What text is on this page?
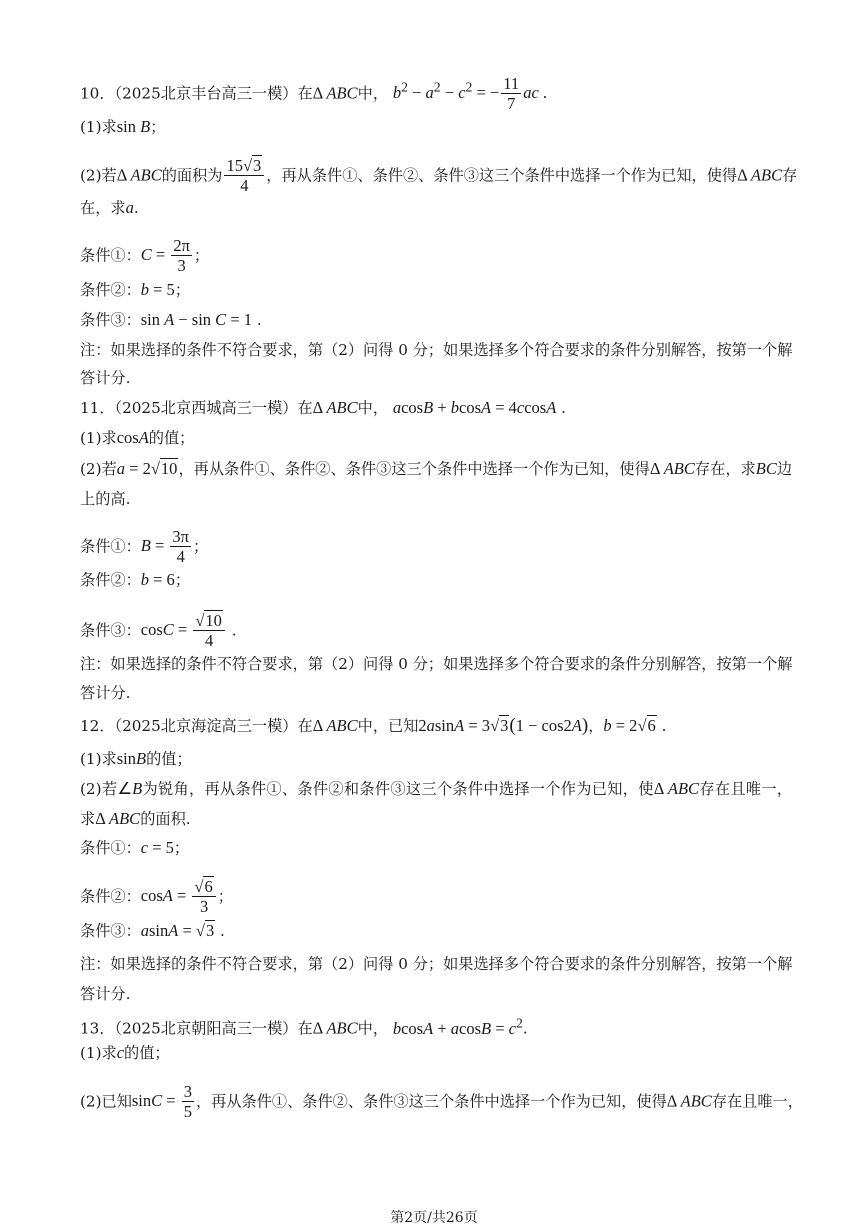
10．（2025北京丰台高三一模）在Δ ABC中， $b^2 - a^2 - c^2$ = − $\frac{11}{7}$ ac .
(1)求sin B；
(2)若Δ ABC的面积为 $\frac{15√3}{4}$ ，再从条件①、条件②、条件③这三个条件中选择一个作为已知，使得Δ ABC存
在，求a.
条件①：$C = \frac{2\pi}{3}$ ；
条件②：b = 5；
条件③：sin A − sin C = 1 .
注：如果选择的条件不符合要求，第（2）问得 0 分；如果选择多个符合要求的条件分别解答，按第一个解
答计分.
11．（2025北京西城高三一模）在Δ ABC中， acosB + bcosA = 4ccosA .
(1)求cosA的值；
(2)若a = 2√10，再从条件①、条件②、条件③这三个条件中选择一个作为已知，使得Δ ABC存在，求BC边
上的高.
条件①：$B = \frac{3\pi}{4}$ ；
条件②：b = 6；
条件③：$\cos C = \frac{√10}{4}$ .
注：如果选择的条件不符合要求，第（2）问得 0 分；如果选择多个符合要求的条件分别解答，按第一个解
答计分.
12．（2025北京海淀高三一模）在Δ ABC中，已知2asinA = 3√3(1 − cos2A)，b = 2√6 .
(1)求sinB的值；
(2)若∠B为锐角，再从条件①、条件②和条件③这三个条件中选择一个作为已知，使Δ ABC存在且唯一，
求Δ ABC的面积.
条件①：c = 5；
条件②：$\cos A = \frac{√6}{3}$ ；
条件③：asinA = √3 .
注：如果选择的条件不符合要求，第（2）问得 0 分；如果选择多个符合要求的条件分别解答，按第一个解
答计分.
13．（2025北京朝阳高三一模）在Δ ABC中， $bcosA + acosB = c^2$.
(1)求c的值；
(2)已知$\sin C = \frac{3}{5}$ ，再从条件①、条件②、条件③这三个条件中选择一个作为已知，使得Δ ABC存在且唯一，
第2页/共26页
